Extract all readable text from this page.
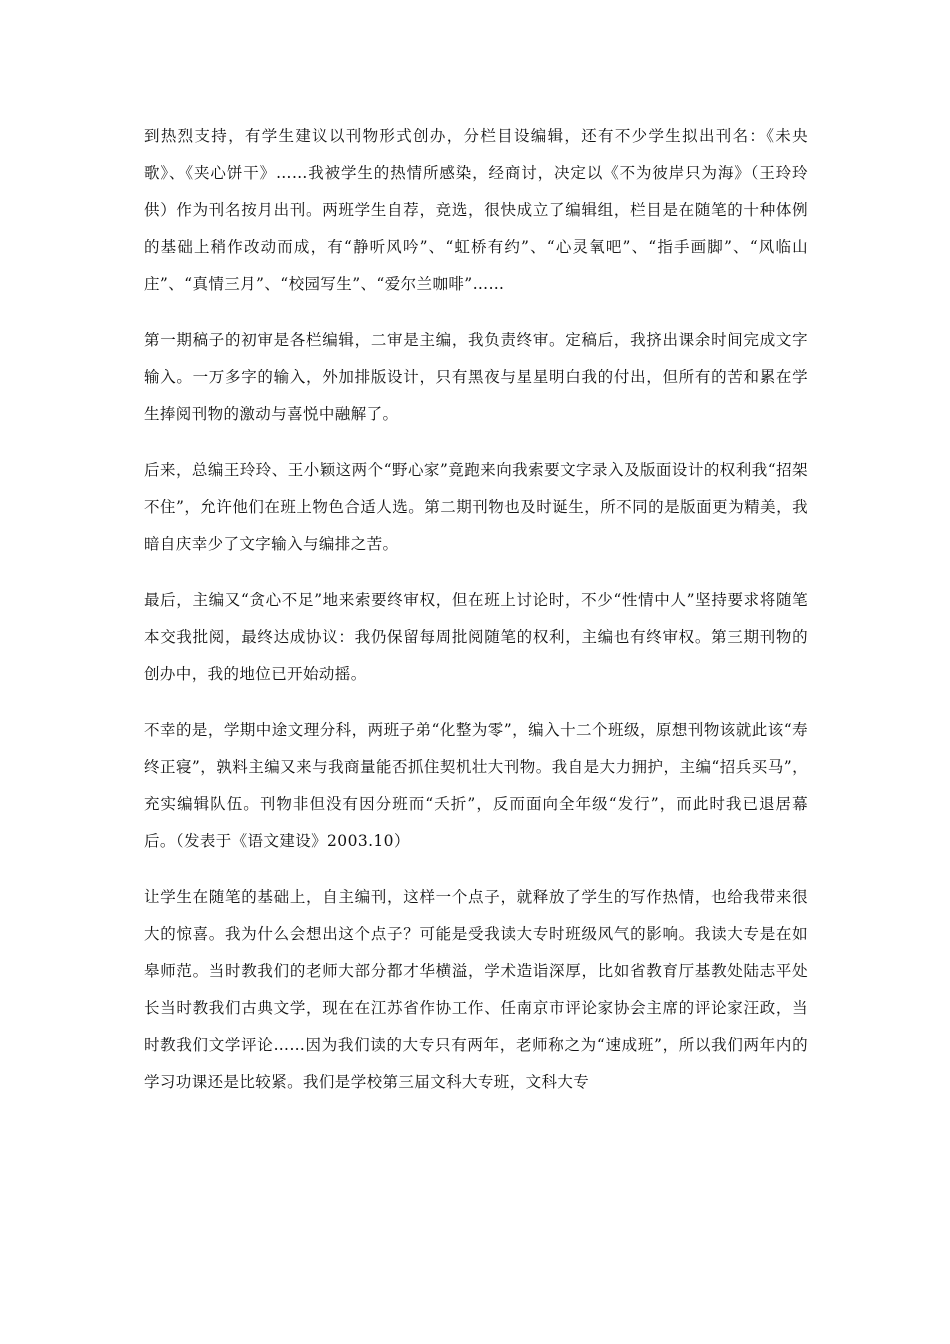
到热烈支持，有学生建议以刊物形式创办，分栏目设编辑，还有不少学生拟出刊名：《未央歌》、《夹心饼干》……我被学生的热情所感染，经商讨，决定以《不为彼岸只为海》（王玲玲供）作为刊名按月出刊。两班学生自荐，竞选，很快成立了编辑组，栏目是在随笔的十种体例的基础上稍作改动而成，有“静听风吟”、“虹桥有约”、“心灵氧吧”、“指手画脚”、“风临山庄”、“真情三月”、“校园写生”、“爱尔兰咖啡”……

第一期稿子的初审是各栏编辑，二审是主编，我负责终审。定稿后，我挤出课余时间完成文字输入。一万多字的输入，外加排版设计，只有黑夜与星星明白我的付出，但所有的苦和累在学生捧阅刊物的激动与喜悦中融解了。

后来，总编王玲玲、王小颖这两个“野心家”竟跑来向我索要文字录入及版面设计的权利我“招架不住”，允许他们在班上物色合适人选。第二期刊物也及时诞生，所不同的是版面更为精美，我暗自庆幸少了文字输入与编排之苦。

最后，主编又“贪心不足”地来索要终审权，但在班上讨论时，不少“性情中人”坚持要求将随笔本交我批阅，最终达成协议：我仍保留每周批阅随笔的权利，主编也有终审权。第三期刊物的创办中，我的地位已开始动摇。

不幸的是，学期中途文理分科，两班子弟“化整为零”，编入十二个班级，原想刊物该就此该“寿终正寝”，孰料主编又来与我商量能否抓住契机壮大刊物。我自是大力拥护，主编“招兵买马”，充实编辑队伍。刊物非但没有因分班而“夭折”，反而面向全年级“发行”，而此时我已退居幕后。（发表于《语文建设》2003.10）

让学生在随笔的基础上，自主编刊，这样一个点子，就释放了学生的写作热情，也给我带来很大的惊喜。我为什么会想出这个点子？可能是受我读大专时班级风气的影响。我读大专是在如皋师范。当时教我们的老师大部分都才华横溢，学术造诣深厚，比如省教育厅基教处陆志平处长当时教我们古典文学，现在在江苏省作协工作、任南京市评论家协会主席的评论家汪政，当时教我们文学评论……因为我们读的大专只有两年，老师称之为“速成班”，所以我们两年内的学习功课还是比较紧。我们是学校第三届文科大专班，文科大专
